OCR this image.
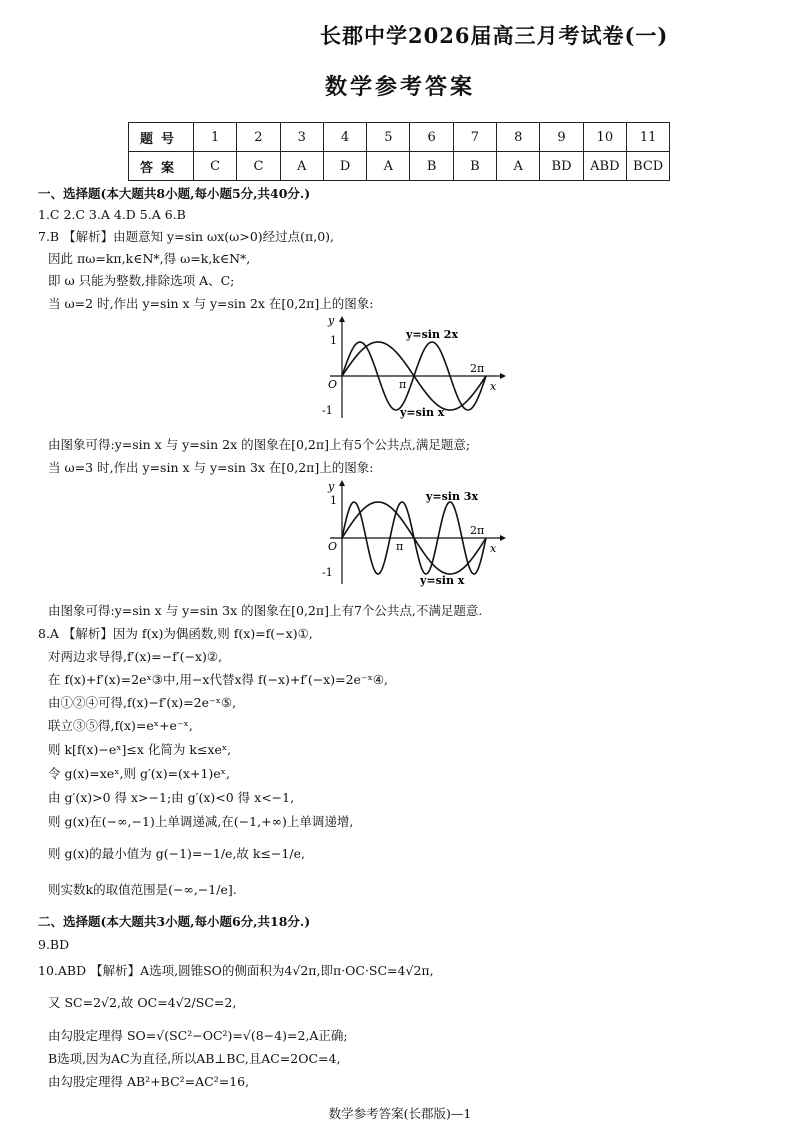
长郡中学2026届高三月考试卷(一)
数学参考答案
题号	1	2	3	4	5	6	7	8	9	10	11
答案	C	C	A	D	A	B	B	A	BD	ABD	BCD
一、选择题(本大题共8小题,每小题5分,共40分.)
1.C 2.C 3.A 4.D 5.A 6.B
7.B 【解析】由题意知 y=sin ωx(ω>0)经过点(π,0),
因此 πω=kπ,k∈N*,得 ω=k,k∈N*,
即 ω 只能为整数,排除选项 A、C;
当 ω=2 时,作出 y=sin x 与 y=sin 2x 在[0,2π]上的图象:
y
x
O
1
-1
π
2π
y=sin 2x
y=sin x
由图象可得:y=sin x 与 y=sin 2x 的图象在[0,2π]上有5个公共点,满足题意;
当 ω=3 时,作出 y=sin x 与 y=sin 3x 在[0,2π]上的图象:
y
x
O
1
-1
π
2π
y=sin 3x
y=sin x
由图象可得:y=sin x 与 y=sin 3x 的图象在[0,2π]上有7个公共点,不满足题意.
8.A 【解析】因为 f(x)为偶函数,则 f(x)=f(−x)①,
对两边求导得,f′(x)=−f′(−x)②,
在 f(x)+f′(x)=2eˣ③中,用−x代替x得 f(−x)+f′(−x)=2e⁻ˣ④,
由①②④可得,f(x)−f′(x)=2e⁻ˣ⑤,
联立③⑤得,f(x)=eˣ+e⁻ˣ,
则 k[f(x)−eˣ]≤x 化简为 k≤xeˣ,
令 g(x)=xeˣ,则 g′(x)=(x+1)eˣ,
由 g′(x)>0 得 x>−1;由 g′(x)<0 得 x<−1,
则 g(x)在(−∞,−1)上单调递减,在(−1,+∞)上单调递增,
则 g(x)的最小值为 g(−1)=−1/e,故 k≤−1/e,
则实数k的取值范围是(−∞,−1/e].
二、选择题(本大题共3小题,每小题6分,共18分.)
9.BD
10.ABD 【解析】A选项,圆锥SO的侧面积为4√2π,即π·OC·SC=4√2π,
又 SC=2√2,故 OC=4√2/SC=2,
由勾股定理得 SO=√(SC²−OC²)=√(8−4)=2,A正确;
B选项,因为AC为直径,所以AB⊥BC,且AC=2OC=4,
由勾股定理得 AB²+BC²=AC²=16,
数学参考答案(长郡版)—1
